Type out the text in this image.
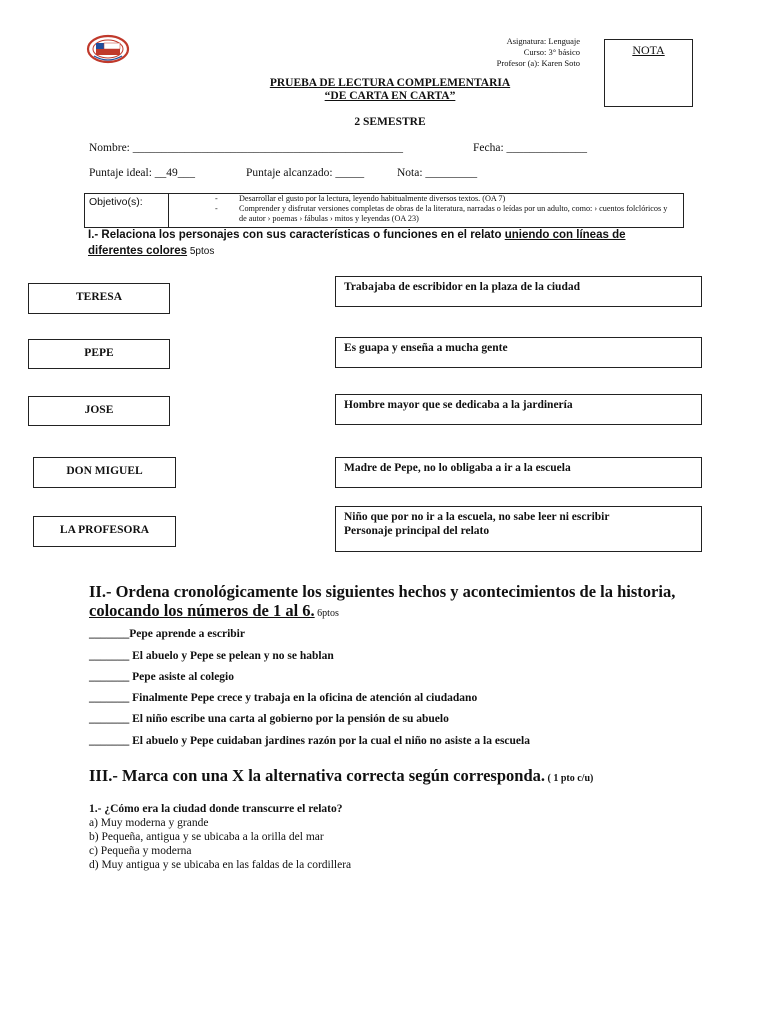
Asignatura: Lenguaje
Curso: 3° básico
Profesor (a): Karen Soto
NOTA
PRUEBA DE LECTURA COMPLEMENTARIA
“DE CARTA EN CARTA”
2 SEMESTRE
Nombre: _______________________________________________	Fecha: ______________
Puntaje ideal: __49___	Puntaje alcanzado: _____	Nota: _________
Objetivo(s):
-	Desarrollar el gusto por la lectura, leyendo habitualmente diversos textos. (OA 7)
- Comprender y disfrutar versiones completas de obras de la literatura, narradas o leídas por un adulto, como: › cuentos folclóricos y de autor › poemas › fábulas › mitos y leyendas (OA 23)
I.- Relaciona los personajes con sus características o funciones en el relato uniendo con líneas de diferentes colores 5ptos
TERESA
PEPE
JOSE
DON MIGUEL
LA PROFESORA
Trabajaba de escribidor en la plaza de la ciudad
Es guapa y enseña a mucha gente
Hombre mayor que se dedicaba a la jardinería
Madre de Pepe, no lo obligaba a ir a la escuela
Niño que por no ir a la escuela, no sabe leer ni escribir Personaje principal del relato
II.- Ordena cronológicamente los siguientes hechos y acontecimientos de la historia,
colocando los números de 1 al 6. 6ptos
_______Pepe aprende a escribir
_______ El abuelo y Pepe se pelean y no se hablan
_______ Pepe asiste al colegio
_______ Finalmente Pepe crece y trabaja en la oficina de atención al ciudadano
_______ El niño escribe una carta al gobierno por la pensión de su abuelo
_______ El abuelo y Pepe cuidaban jardines razón por la cual el niño no asiste a la escuela
III.- Marca con una X la alternativa correcta según corresponda. ( 1 pto c/u)
1.- ¿Cómo era la ciudad donde transcurre el relato?
a) Muy moderna y grande
b) Pequeña, antigua y se ubicaba a la orilla del mar
c) Pequeña y moderna
d) Muy antigua y se ubicaba en las faldas de la cordillera
